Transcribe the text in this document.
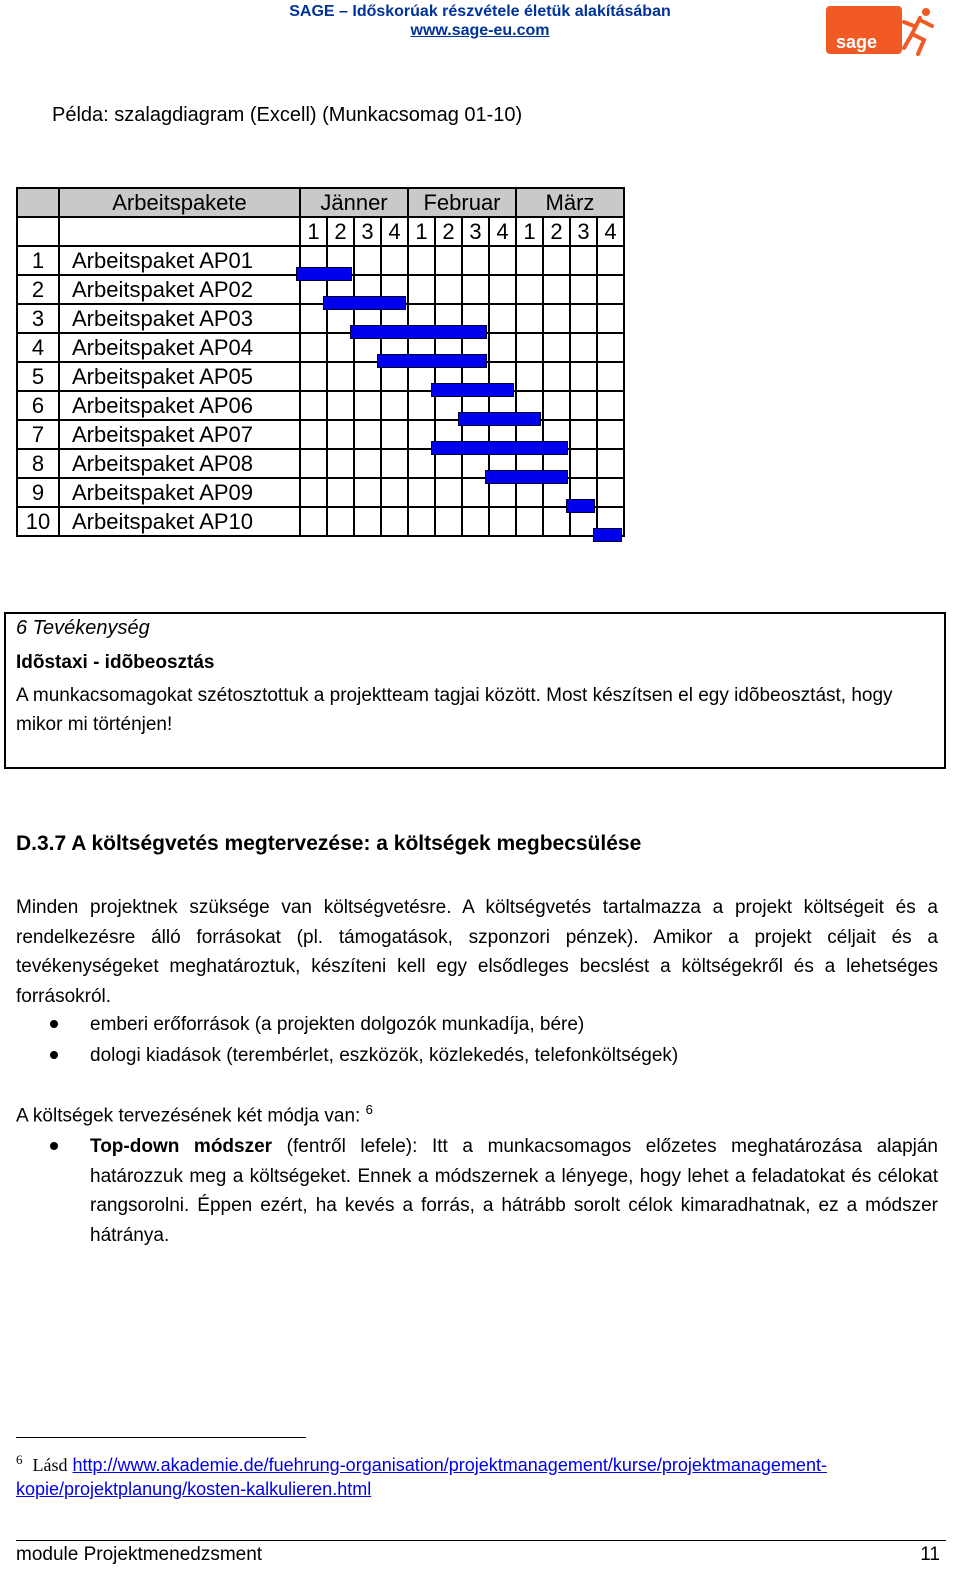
SAGE – Időskorúak részvétele életük alakításában
www.sage-eu.com
sage
Példa: szalagdiagram (Excell) (Munkacsomag 01-10)
	Arbeitspakete	Jänner				Februar				März			
		1	2	3	4	1	2	3	4	1	2	3	4
1	Arbeitspaket AP01												
2	Arbeitspaket AP02												
3	Arbeitspaket AP03												
4	Arbeitspaket AP04												
5	Arbeitspaket AP05												
6	Arbeitspaket AP06												
7	Arbeitspaket AP07												
8	Arbeitspaket AP08												
9	Arbeitspaket AP09												
10	Arbeitspaket AP10												
6 Tevékenység
Idõstaxi - idõbeosztás
A munkacsomagokat szétosztottuk a projektteam tagjai között. Most készítsen el egy idõbeosztást, hogy mikor mi történjen!
D.3.7 A költségvetés megtervezése: a költségek megbecsülése
Minden projektnek szüksége van költségvetésre. A költségvetés tartalmazza a projekt költségeit és a rendelkezésre álló forrásokat (pl. támogatások, szponzori pénzek). Amikor a projekt céljait és a tevékenységeket meghatároztuk, készíteni kell egy elsődleges becslést a költségekről és a lehetséges forrásokról.
emberi erőforrások (a projekten dolgozók munkadíja, bére)
dologi kiadások (terembérlet, eszközök, közlekedés, telefonköltségek)
A költségek tervezésének két módja van: $^6$
Top-down módszer (fentről lefele): Itt a munkacsomagos előzetes meghatározása alapján határozzuk meg a költségeket. Ennek a módszernek a lényege, hogy lehet a feladatokat és célokat rangsorolni. Éppen ezért, ha kevés a forrás, a hátrább sorolt célok kimaradhatnak, ez a módszer hátránya.
$^6$ Lásd http://www.akademie.de/fuehrung-organisation/projektmanagement/kurse/projektmanagement-kopie/projektplanung/kosten-kalkulieren.html
module Projektmenedzsment	11
